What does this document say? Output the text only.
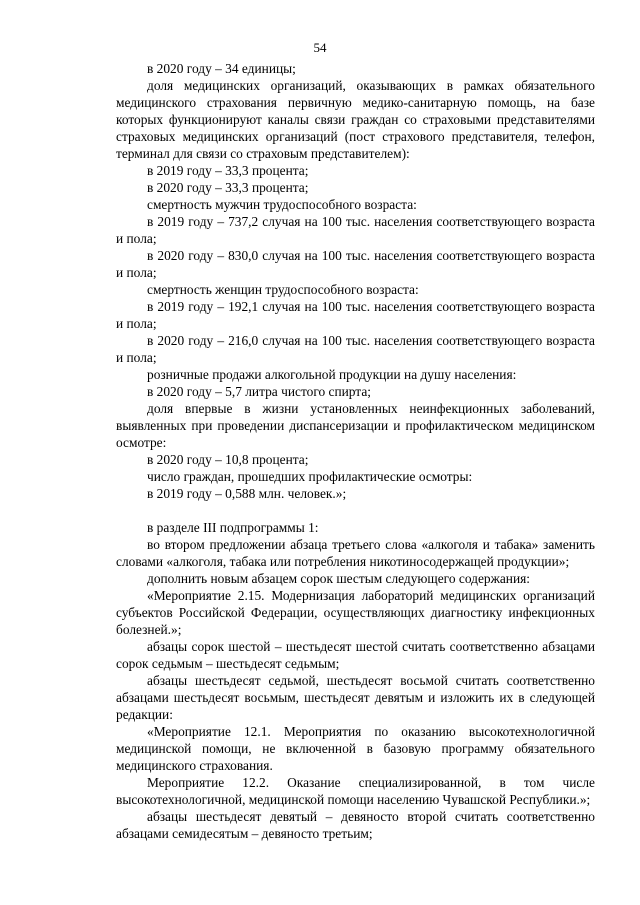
54

в 2020 году – 34 единицы;

доля медицинских организаций, оказывающих в рамках обязательного медицинского страхования первичную медико-санитарную помощь, на базе которых функционируют каналы связи граждан со страховыми представителями страховых медицинских организаций (пост страхового представителя, телефон, терминал для связи со страховым представителем):

в 2019 году – 33,3 процента;

в 2020 году – 33,3 процента;

смертность мужчин трудоспособного возраста:

в 2019 году – 737,2 случая на 100 тыс. населения соответствующего возраста и пола;

в 2020 году – 830,0 случая на 100 тыс. населения соответствующего возраста и пола;

смертность женщин трудоспособного возраста:

в 2019 году – 192,1 случая на 100 тыс. населения соответствующего возраста и пола;

в 2020 году – 216,0 случая на 100 тыс. населения соответствующего возраста и пола;

розничные продажи алкогольной продукции на душу населения:

в 2020 году – 5,7 литра чистого спирта;

доля впервые в жизни установленных неинфекционных заболеваний, выявленных при проведении диспансеризации и профилактическом медицинском осмотре:

в 2020 году – 10,8 процента;

число граждан, прошедших профилактические осмотры:

в 2019 году – 0,588 млн. человек.»;

в разделе III подпрограммы 1:

во втором предложении абзаца третьего слова «алкоголя и табака» заменить словами «алкоголя, табака или потребления никотиносодержащей продукции»;

дополнить новым абзацем сорок шестым следующего содержания:

«Мероприятие 2.15. Модернизация лабораторий медицинских организаций субъектов Российской Федерации, осуществляющих диагностику инфекционных болезней.»;

абзацы сорок шестой – шестьдесят шестой считать соответственно абзацами сорок седьмым – шестьдесят седьмым;

абзацы шестьдесят седьмой, шестьдесят восьмой считать соответственно абзацами шестьдесят восьмым, шестьдесят девятым и изложить их в следующей редакции:

«Мероприятие 12.1. Мероприятия по оказанию высокотехнологичной медицинской помощи, не включенной в базовую программу обязательного медицинского страхования.

Мероприятие 12.2. Оказание специализированной, в том числе высокотехнологичной, медицинской помощи населению Чувашской Республики.»;

абзацы шестьдесят девятый – девяносто второй считать соответственно абзацами семидесятым – девяносто третьим;
